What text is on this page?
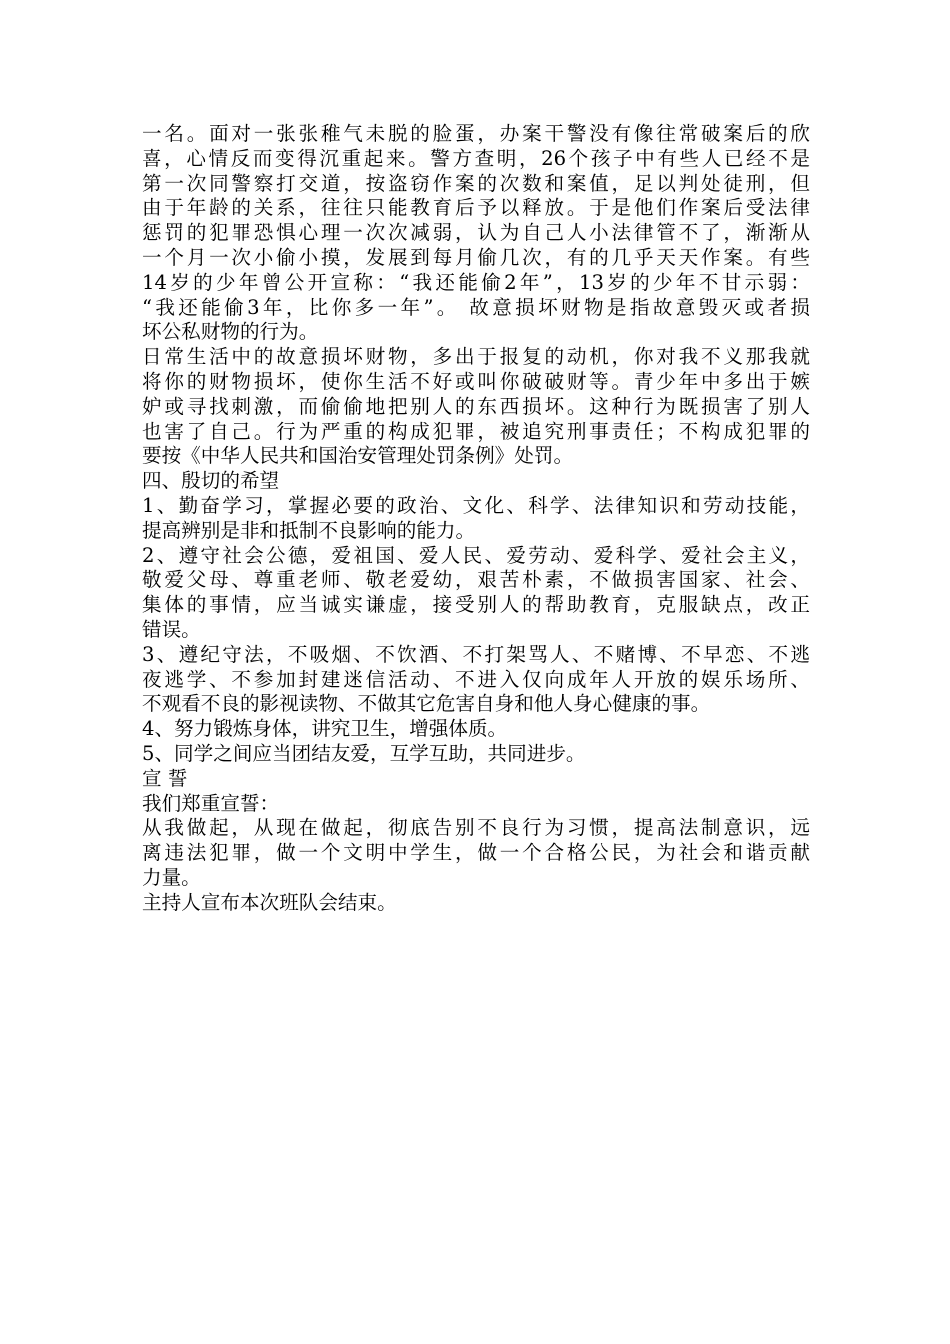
一名。面对一张张稚气未脱的脸蛋，办案干警没有像往常破案后的欣
喜，心情反而变得沉重起来。警方查明，26个孩子中有些人已经不是
第一次同警察打交道，按盗窃作案的次数和案值，足以判处徒刑，但
由于年龄的关系，往往只能教育后予以释放。于是他们作案后受法律
惩罚的犯罪恐惧心理一次次减弱，认为自己人小法律管不了，渐渐从
一个月一次小偷小摸，发展到每月偷几次，有的几乎天天作案。有些
14岁的少年曾公开宣称：“我还能偷2年”，13岁的少年不甘示弱：
“我还能偷3年，比你多一年”。 故意损坏财物是指故意毁灭或者损
坏公私财物的行为。
日常生活中的故意损坏财物，多出于报复的动机，你对我不义那我就
将你的财物损坏，使你生活不好或叫你破破财等。青少年中多出于嫉
妒或寻找刺激，而偷偷地把别人的东西损坏。这种行为既损害了别人
也害了自己。行为严重的构成犯罪，被追究刑事责任；不构成犯罪的
要按《中华人民共和国治安管理处罚条例》处罚。
四、殷切的希望
1、勤奋学习，掌握必要的政治、文化、科学、法律知识和劳动技能，
提高辨别是非和抵制不良影响的能力。
2、遵守社会公德，爱祖国、爱人民、爱劳动、爱科学、爱社会主义，
敬爱父母、尊重老师、敬老爱幼，艰苦朴素，不做损害国家、社会、
集体的事情，应当诚实谦虚，接受别人的帮助教育，克服缺点，改正
错误。
3、遵纪守法，不吸烟、不饮酒、不打架骂人、不赌博、不早恋、不逃
夜逃学、不参加封建迷信活动、不进入仅向成年人开放的娱乐场所、
不观看不良的影视读物、不做其它危害自身和他人身心健康的事。
4、努力锻炼身体，讲究卫生，增强体质。
5、同学之间应当团结友爱，互学互助，共同进步。
宣 誓
我们郑重宣誓：
从我做起，从现在做起，彻底告别不良行为习惯，提高法制意识，远
离违法犯罪，做一个文明中学生，做一个合格公民，为社会和谐贡献
力量。
主持人宣布本次班队会结束。
